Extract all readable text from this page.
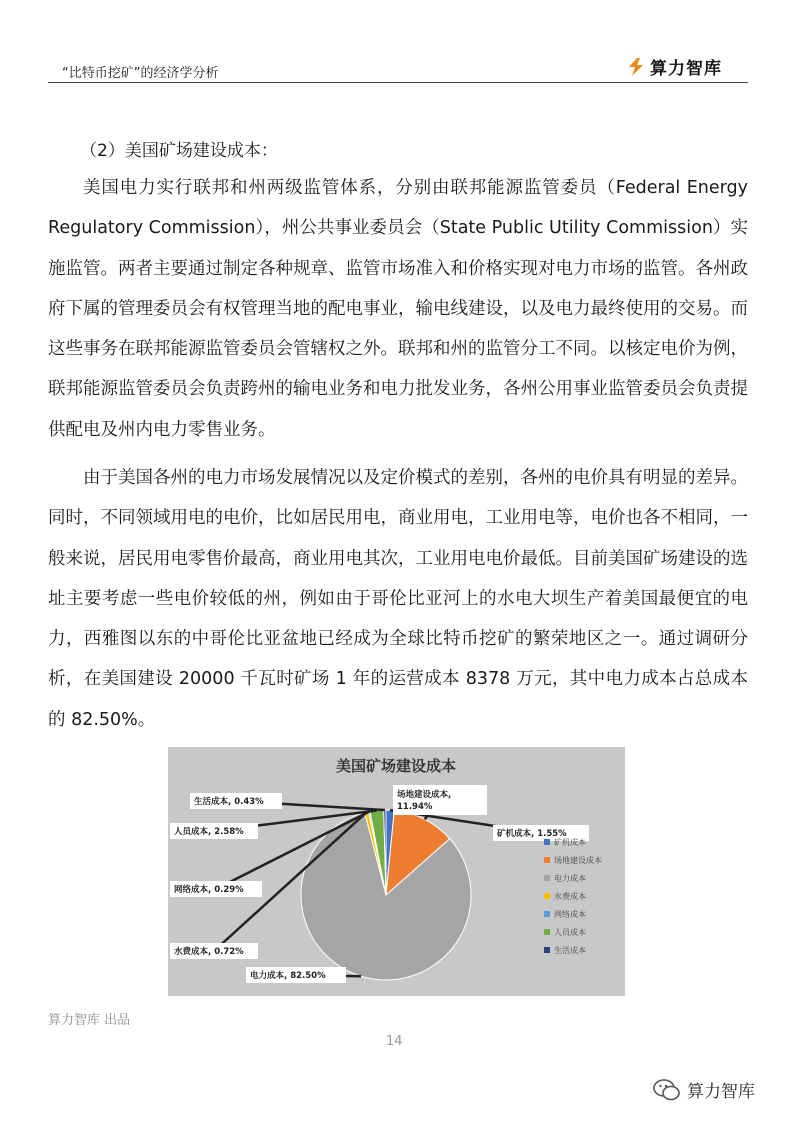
“比特币挖矿”的经济学分析	算力智库
（2）美国矿场建设成本：

美国电力实行联邦和州两级监管体系，分别由联邦能源监管委员（Federal Energy Regulatory Commission），州公共事业委员会（State Public Utility Commission）实施监管。两者主要通过制定各种规章、监管市场准入和价格实现对电力市场的监管。各州政府下属的管理委员会有权管理当地的配电事业，输电线建设，以及电力最终使用的交易。而这些事务在联邦能源监管委员会管辖权之外。联邦和州的监管分工不同。以核定电价为例，联邦能源监管委员会负责跨州的输电业务和电力批发业务，各州公用事业监管委员会负责提供配电及州内电力零售业务。

由于美国各州的电力市场发展情况以及定价模式的差别，各州的电价具有明显的差异。同时，不同领域用电的电价，比如居民用电，商业用电，工业用电等，电价也各不相同，一般来说，居民用电零售价最高，商业用电其次，工业用电电价最低。目前美国矿场建设的选址主要考虑一些电价较低的州，例如由于哥伦比亚河上的水电大坝生产着美国最便宜的电力，西雅图以东的中哥伦比亚盆地已经成为全球比特币挖矿的繁荣地区之一。通过调研分析，在美国建设 20000 千瓦时矿场 1 年的运营成本 8378 万元，其中电力成本占总成本的 82.50%。

美国矿场建设成本
矿机成本, 1.55%
场地建设成本, 11.94%
电力成本, 82.50%
水费成本, 0.72%
网络成本, 0.29%
人员成本, 2.58%
生活成本, 0.43%
矿机成本
场地建设成本
电力成本
水费成本
网络成本
人员成本
生活成本
算力智库 出品
14
算力智库
